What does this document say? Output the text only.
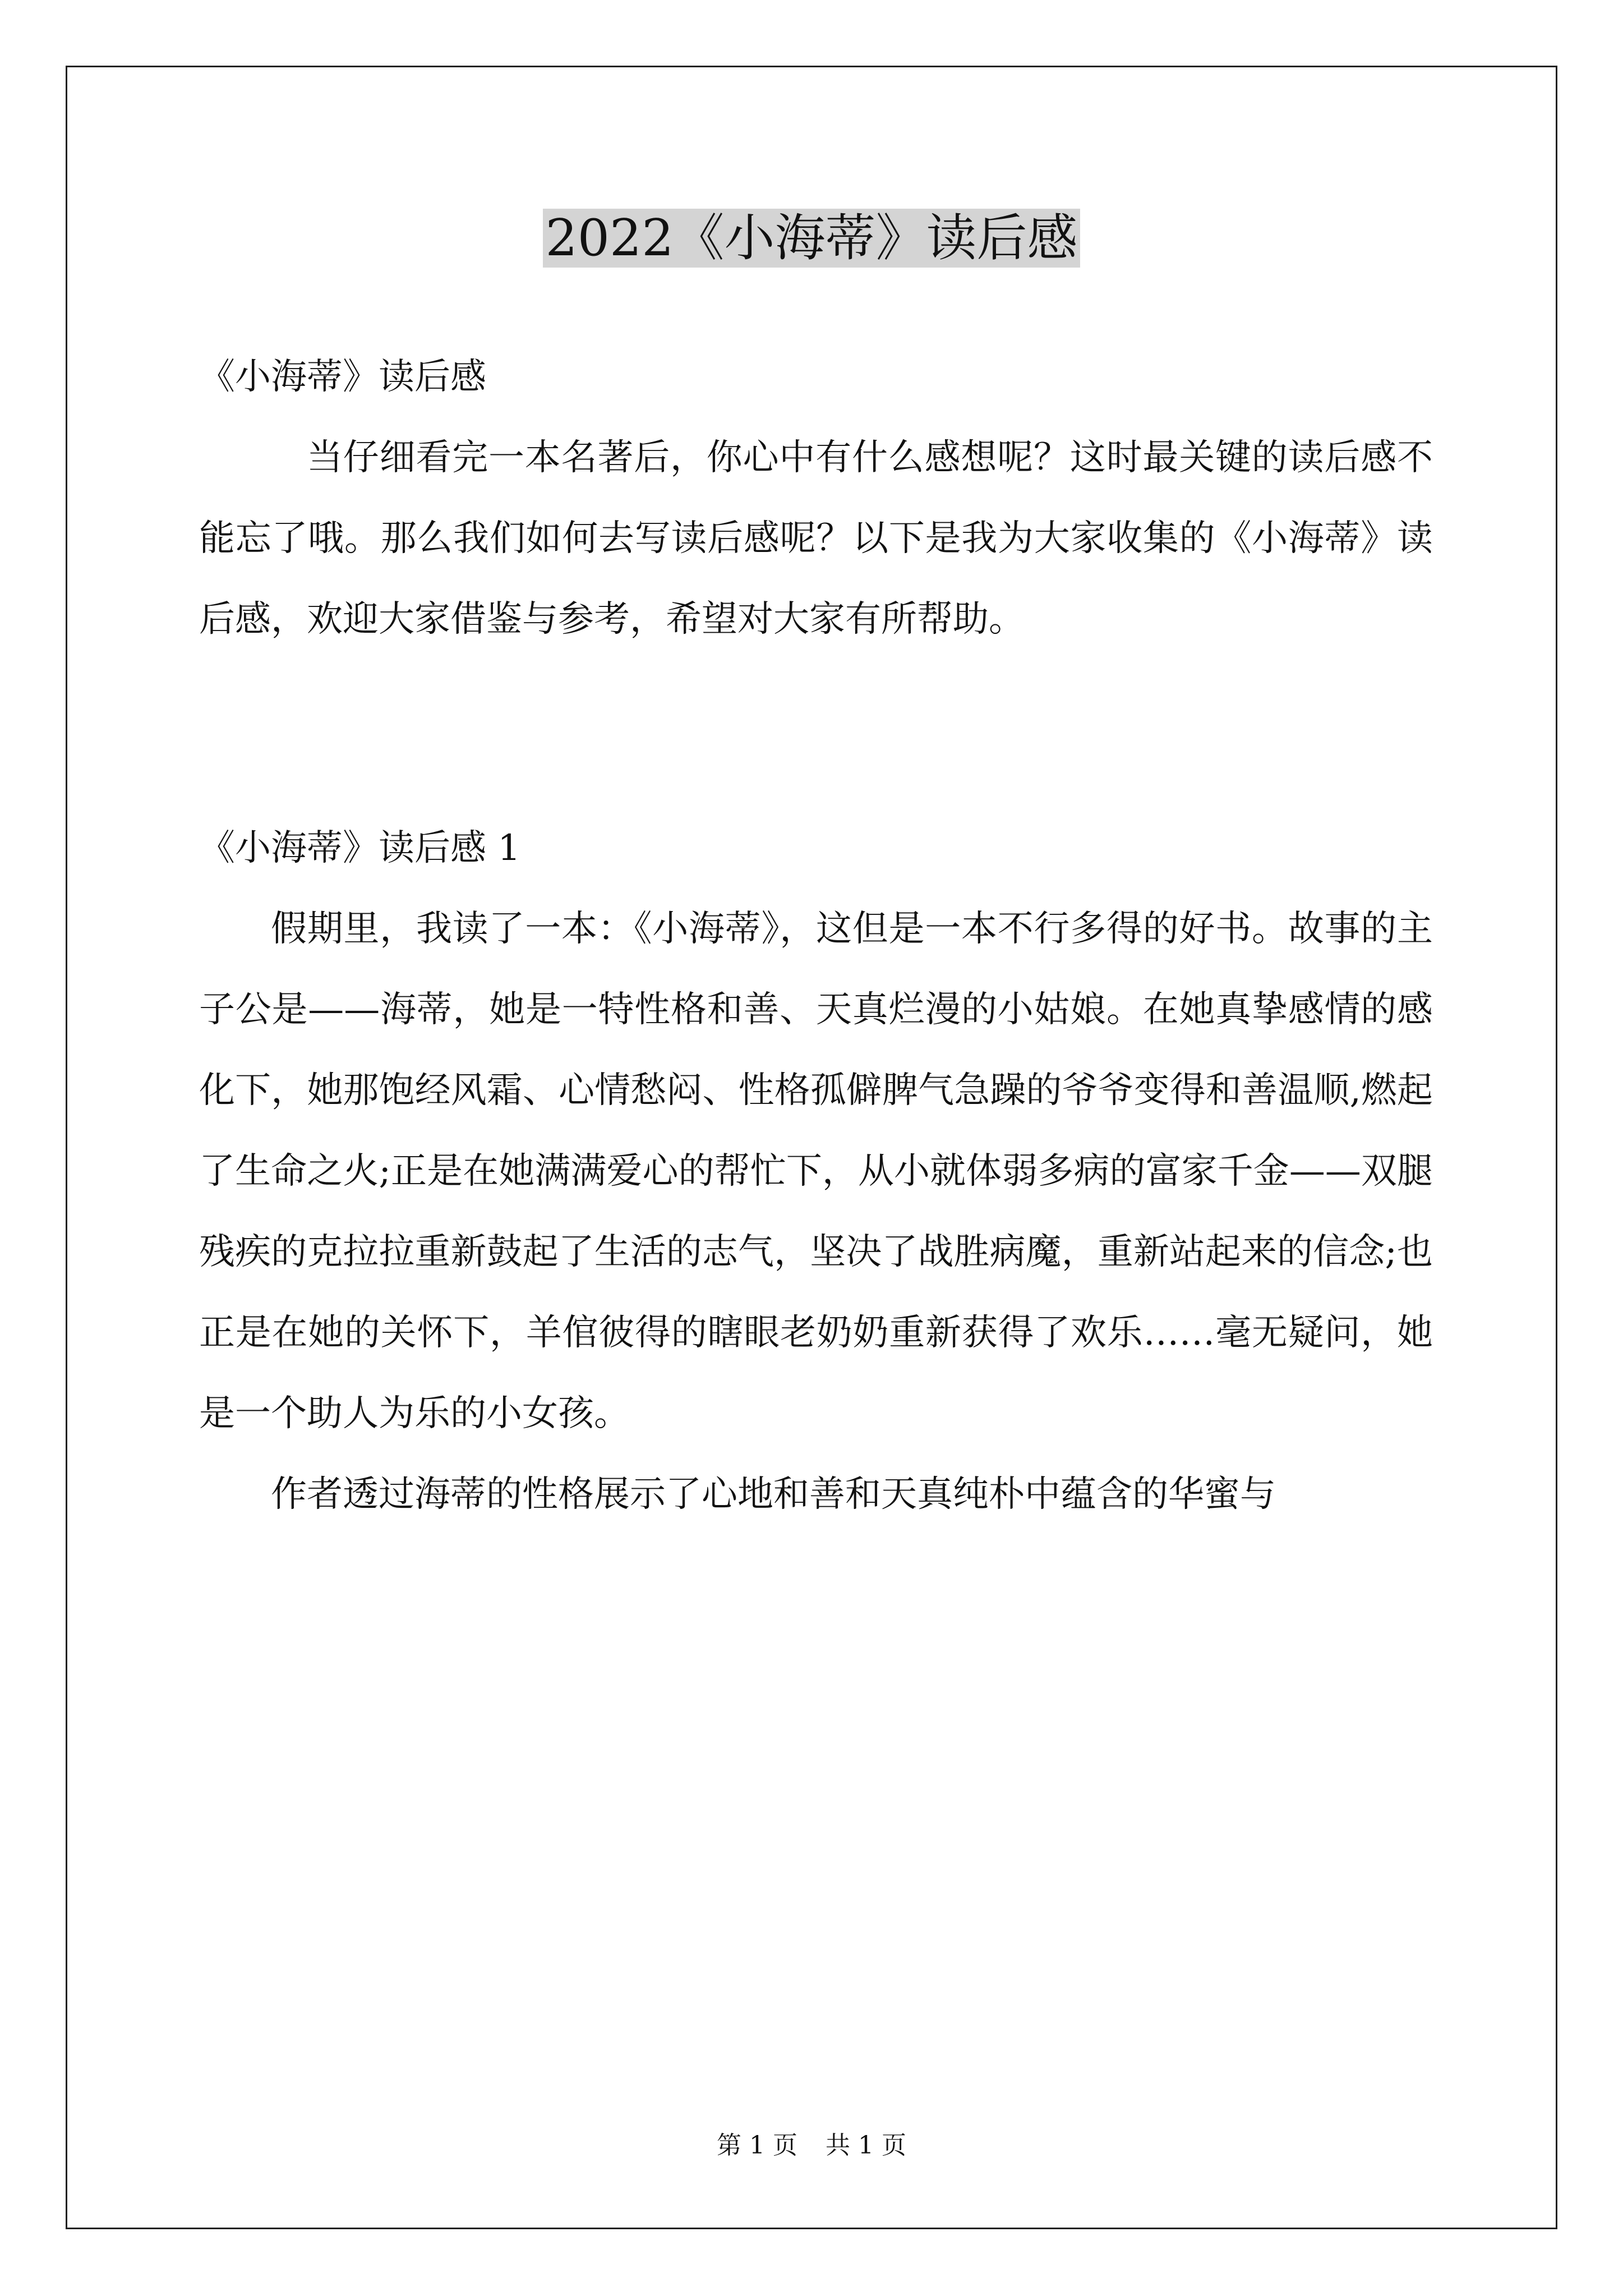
2022《小海蒂》读后感

《小海蒂》读后感

当仔细看完一本名著后，你心中有什么感想呢？这时最关键的读后感不能忘了哦。那么我们如何去写读后感呢？以下是我为大家收集的《小海蒂》读后感，欢迎大家借鉴与参考，希望对大家有所帮助。

《小海蒂》读后感 1

假期里，我读了一本：《小海蒂》，这但是一本不行多得的好书。故事的主子公是——海蒂，她是一特性格和善、天真烂漫的小姑娘。在她真挚感情的感化下，她那饱经风霜、心情愁闷、性格孤僻脾气急躁的爷爷变得和善温顺,燃起了生命之火;正是在她满满爱心的帮忙下，从小就体弱多病的富家千金——双腿残疾的克拉拉重新鼓起了生活的志气，坚决了战胜病魔，重新站起来的信念;也正是在她的关怀下，羊倌彼得的瞎眼老奶奶重新获得了欢乐……毫无疑问，她是一个助人为乐的小女孩。

作者透过海蒂的性格展示了心地和善和天真纯朴中蕴含的华蜜与

第 1 页 共 1 页
